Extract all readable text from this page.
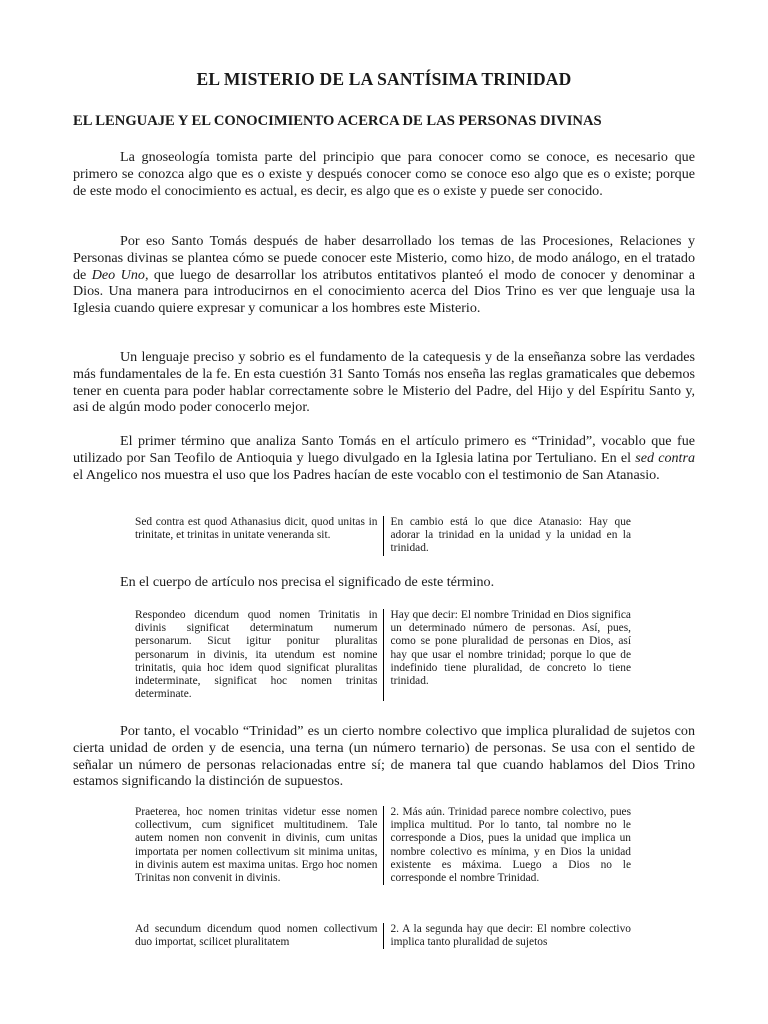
EL MISTERIO DE LA SANTÍSIMA TRINIDAD
EL LENGUAJE Y EL CONOCIMIENTO ACERCA DE LAS PERSONAS DIVINAS

La gnoseología tomista parte del principio que para conocer como se conoce, es necesario que primero se conozca algo que es o existe y después conocer como se conoce eso algo que es o existe; porque de este modo el conocimiento es actual, es decir, es algo que es o existe y puede ser conocido.

Por eso Santo Tomás después de haber desarrollado los temas de las Procesiones, Relaciones y Personas divinas se plantea cómo se puede conocer este Misterio, como hizo, de modo análogo, en el tratado de Deo Uno, que luego de desarrollar los atributos entitativos planteó el modo de conocer y denominar a Dios. Una manera para introducirnos en el conocimiento acerca del Dios Trino es ver que lenguaje usa la Iglesia cuando quiere expresar y comunicar a los hombres este Misterio.

Un lenguaje preciso y sobrio es el fundamento de la catequesis y de la enseñanza sobre las verdades más fundamentales de la fe. En esta cuestión 31 Santo Tomás nos enseña las reglas gramaticales que debemos tener en cuenta para poder hablar correctamente sobre le Misterio del Padre, del Hijo y del Espíritu Santo y, asi de algún modo poder conocerlo mejor.

El primer término que analiza Santo Tomás en el artículo primero es “Trinidad”, vocablo que fue utilizado por San Teofilo de Antioquia y luego divulgado en la Iglesia latina por Tertuliano. En el sed contra el Angelico nos muestra el uso que los Padres hacían de este vocablo con el testimonio de San Atanasio.

Sed contra est quod Athanasius dicit, quod unitas in trinitate, et trinitas in unitate veneranda sit.
En cambio está lo que dice Atanasio: Hay que adorar la trinidad en la unidad y la unidad en la trinidad.

En el cuerpo de artículo nos precisa el significado de este término.

Respondeo dicendum quod nomen Trinitatis in divinis significat determinatum numerum personarum. Sicut igitur ponitur pluralitas personarum in divinis, ita utendum est nomine trinitatis, quia hoc idem quod significat pluralitas indeterminate, significat hoc nomen trinitas determinate.
Hay que decir: El nombre Trinidad en Dios significa un determinado número de personas. Así, pues, como se pone pluralidad de personas en Dios, así hay que usar el nombre trinidad; porque lo que de indefinido tiene pluralidad, de concreto lo tiene trinidad.

Por tanto, el vocablo “Trinidad” es un cierto nombre colectivo que implica pluralidad de sujetos con cierta unidad de orden y de esencia, una terna (un número ternario) de personas. Se usa con el sentido de señalar un número de personas relacionadas entre sí; de manera tal que cuando hablamos del Dios Trino estamos significando la distinción de supuestos.

Praeterea, hoc nomen trinitas videtur esse nomen collectivum, cum significet multitudinem. Tale autem nomen non convenit in divinis, cum unitas importata per nomen collectivum sit minima unitas, in divinis autem est maxima unitas. Ergo hoc nomen Trinitas non convenit in divinis.
2. Más aún. Trinidad parece nombre colectivo, pues implica multitud. Por lo tanto, tal nombre no le corresponde a Dios, pues la unidad que implica un nombre colectivo es mínima, y en Dios la unidad existente es máxima. Luego a Dios no le corresponde el nombre Trinidad.
Ad secundum dicendum quod nomen collectivum duo importat, scilicet pluralitatem
2. A la segunda hay que decir: El nombre colectivo implica tanto pluralidad de sujetos
